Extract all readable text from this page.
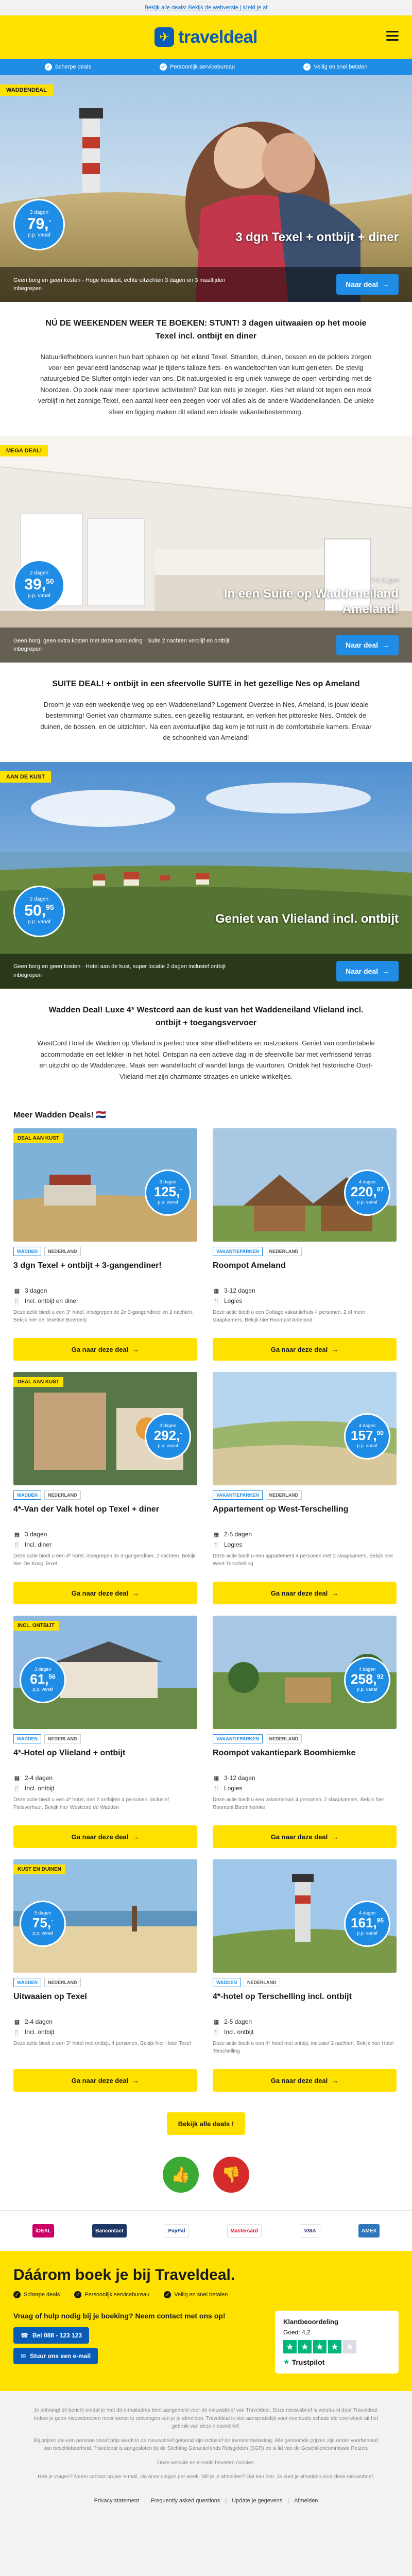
Bekijk alle deals! Bekijk de webversie | Meld je af
✈ traveldeal
✓ Scherpe deals	✓ Persoonlijk servicebureau	✓ Veilig en snel betalen
WADDENDEAL
3 dagen
79,-
p.p. vanaf	3 dgn Texel + ontbijt + diner
Geen borg en geen kosten - Hoge kwaliteit, echte uitzichten 3 dagen en 3 maaltijden inbegrepen	Naar deal →
NÚ DE WEEKENDEN WEER TE BOEKEN: STUNT! 3 dagen uitwaaien op het mooie Texel incl. ontbijt en diner

Natuurliefhebbers kunnen hun hart ophalen op het eiland Texel. Stranden, duinen, bossen en de polders zorgen voor een gevarieerd landschap waar je tijdens talloze fiets- en wandeltochten van kunt genieten. De stevig natuurgebied De Slufter ontgin ieder van ons. Dit natuurgebied is erg uniek vanwege de open verbinding met de Noordzee. Op zoek naar meer sportieve activiteiten? Dat kan mits je zeegen. Kies het eiland tot tegen een mooi verblijf in het zonnige Texel, een aantal keer een zeegen voor vol alles als de andere Waddeneilanden. De unieke sfeer en ligging maken dit eiland een ideale vakantiebestemming.

MEGA DEAL!
2 dagen
39,50
p.p. vanaf
2-5 dagen
In een Suite op Waddeneiland Ameland!
Geen borg, geen extra kosten met deze aanbieding · Suite 2 nachten verblijf en ontbijt inbegrepen	Naar deal →
SUITE DEAL! + ontbijt in een sfeervolle SUITE in het gezellige Nes op Ameland

Droom je van een weekendje weg op een Waddeneiland? Logement Overzee in Nes, Ameland, is jouw ideale bestemming! Geniet van charmante suites, een gezellig restaurant, en verken het pittoreske Nes. Ontdek de duinen, de bossen, en de uitzichten. Na een avontuurlijke dag kom je tot rust in de comfortabele kamers. Ervaar de schoonheid van Ameland!

AAN DE KUST
2 dagen
50,95
p.p. vanaf	Geniet van Vlieland incl. ontbijt
Geen borg en geen kosten · Hotel aan de kust, super locatie 2 dagen inclusief ontbijt inbegrepen	Naar deal →
Wadden Deal! Luxe 4* Westcord aan de kust van het Waddeneiland Vlieland incl. ontbijt + toegangsvervoer

WestCord Hotel de Wadden op Vlieland is perfect voor strandliefhebbers en rustzoekers. Geniet van comfortabele accommodatie en eet lekker in het hotel. Ontspan na een actieve dag in de sfeervolle bar met verfrissend terras en uitzicht op de Waddenzee. Maak een wandeltocht of wandel langs de vuurtoren. Ontdek het historische Oost-Vlieland met zijn charmante straatjes en unieke winkeltjes.

Meer Wadden Deals! 🇳🇱
DEAL AAN KUST
3 dagen
125,-
p.p. vanaf
WADDEN	NEDERLAND
3 dgn Texel + ontbijt + 3-gangendiner!
▦ 3 dagen
🍴 Incl. ontbijt en diner
Deze actie biedt u een 3* hotel, inbegrepen de 2x 3-gangendiner en 2 nachten. Bekijk hier de Texeltse Boerderij
Ga naar deze deal →
4 dagen
220,97
p.p. vanaf
VAKANTIEPARKEN	NEDERLAND
Roompot Ameland
▦ 3-12 dagen
🍴 Logies
Deze actie biedt u een Cottage vakantiehuis 4 personen, 2 of meer slaapkamers, Bekijk hier Roompot Ameland
Ga naar deze deal →
DEAL AAN KUST
3 dagen
292,-
p.p. vanaf
WADDEN	NEDERLAND
4*-Van der Valk hotel op Texel + diner
▦ 3 dagen
🍴 Incl. diner
Deze actie biedt u een 4* hotel, inbegrepen 3x 3-gangendiner, 2 nachten. Bekijk hier De Koog Texel
Ga naar deze deal →
4 dagen
157,90
p.p. vanaf
VAKANTIEPARKEN	NEDERLAND
Appartement op West-Terschelling
▦ 2-5 dagen
🍴 Logies
Deze actie biedt u een appartement 4 personen met 2 slaapkamers, Bekijk hier West-Terschelling
Ga naar deze deal →
INCL. ONTBIJT
3 dagen
61,56
p.p. vanaf
WADDEN	NEDERLAND
4*-Hotel op Vlieland + ontbijt
▦ 2-4 dagen
🍴 Incl. ontbijt
Deze actie biedt u een 4* hotel, met 2 ontbijten 4 personen, inclusief Fietsverhuur, Bekijk hier Westcord de Wadden
Ga naar deze deal →
4 dagen
258,92
p.p. vanaf
VAKANTIEPARKEN	NEDERLAND
Roompot vakantiepark Boomhiemke
▦ 3-12 dagen
🍴 Logies
Deze actie biedt u een vakantiehuis 4 personen, 2 slaapkamers, Bekijk hier Roompot Boomhiemke
Ga naar deze deal →
KUST EN DUINEN
5 dagen
75,-
p.p. vanaf
WADDEN	NEDERLAND
Uitwaaien op Texel
▦ 2-4 dagen
🍴 Incl. ontbijt
Deze actie biedt u een 3* hotel met ontbijt, 4 personen, Bekijk hier Hotel Texel
Ga naar deze deal →
4 dagen
161,95
p.p. vanaf
WADDEN	NEDERLAND
4*-hotel op Terschelling incl. ontbijt
▦ 2-5 dagen
🍴 Incl. ontbijt
Deze actie biedt u een 4* hotel met ontbijt, inclusief 2 nachten, Bekijk hier Hotel Terschelling
Ga naar deze deal →
Bekijk alle deals !
👍	👎
iDEAL	Bancontact	PayPal	Mastercard	VISA	AMEX
Dáárom boek je bij Traveldeal.
✓ Scherpe deals	✓ Persoonlijk servicebureau	✓ Veilig en snel betalen
Vraag of hulp nodig bij je boeking? Neem contact met ons op!
☎ Bel 088 - 123 123

✉ Stuur ons een e-mail
Klantbeoordeling
Goed: 4,2
★ ★ ★ ★ ★
★ Trustpilot

Je ontvangt dit bericht omdat je met dit e-mailadres bent aangemeld voor de nieuwsbrief van Traveldeal. Deze nieuwsbrief is verstuurd door Traveldeal. Indien je geen nieuwsbrieven meer wenst te ontvangen kun je je afmelden. Traveldeal is niet aansprakelijk voor eventuele schade die voortvloeit uit het gebruik van deze nieuwsbrief.

Bij prijzen die een persoon vanaf prijs wordt in de nieuwsbrief getoond zijn inclusief de toeristenbelasting. Alle genoemde prijzen zijn onder voorbehoud van beschikbaarheid. Traveldeal is aangesloten bij de Stichting Garantiefonds Reisgelden (SGR) en is lid van de Geschillencommissie Reizen.

Onze website en e-mails bevatten cookies.

Heb je vragen? Neem contact op per e-mail, via onze diagen per week. Wil je je afmelden? Dat kan hier. Je kunt je afmelden voor deze nieuwsbrief.

Privacy statement | Frequently asked questions | Update je gegevens | Afmelden
